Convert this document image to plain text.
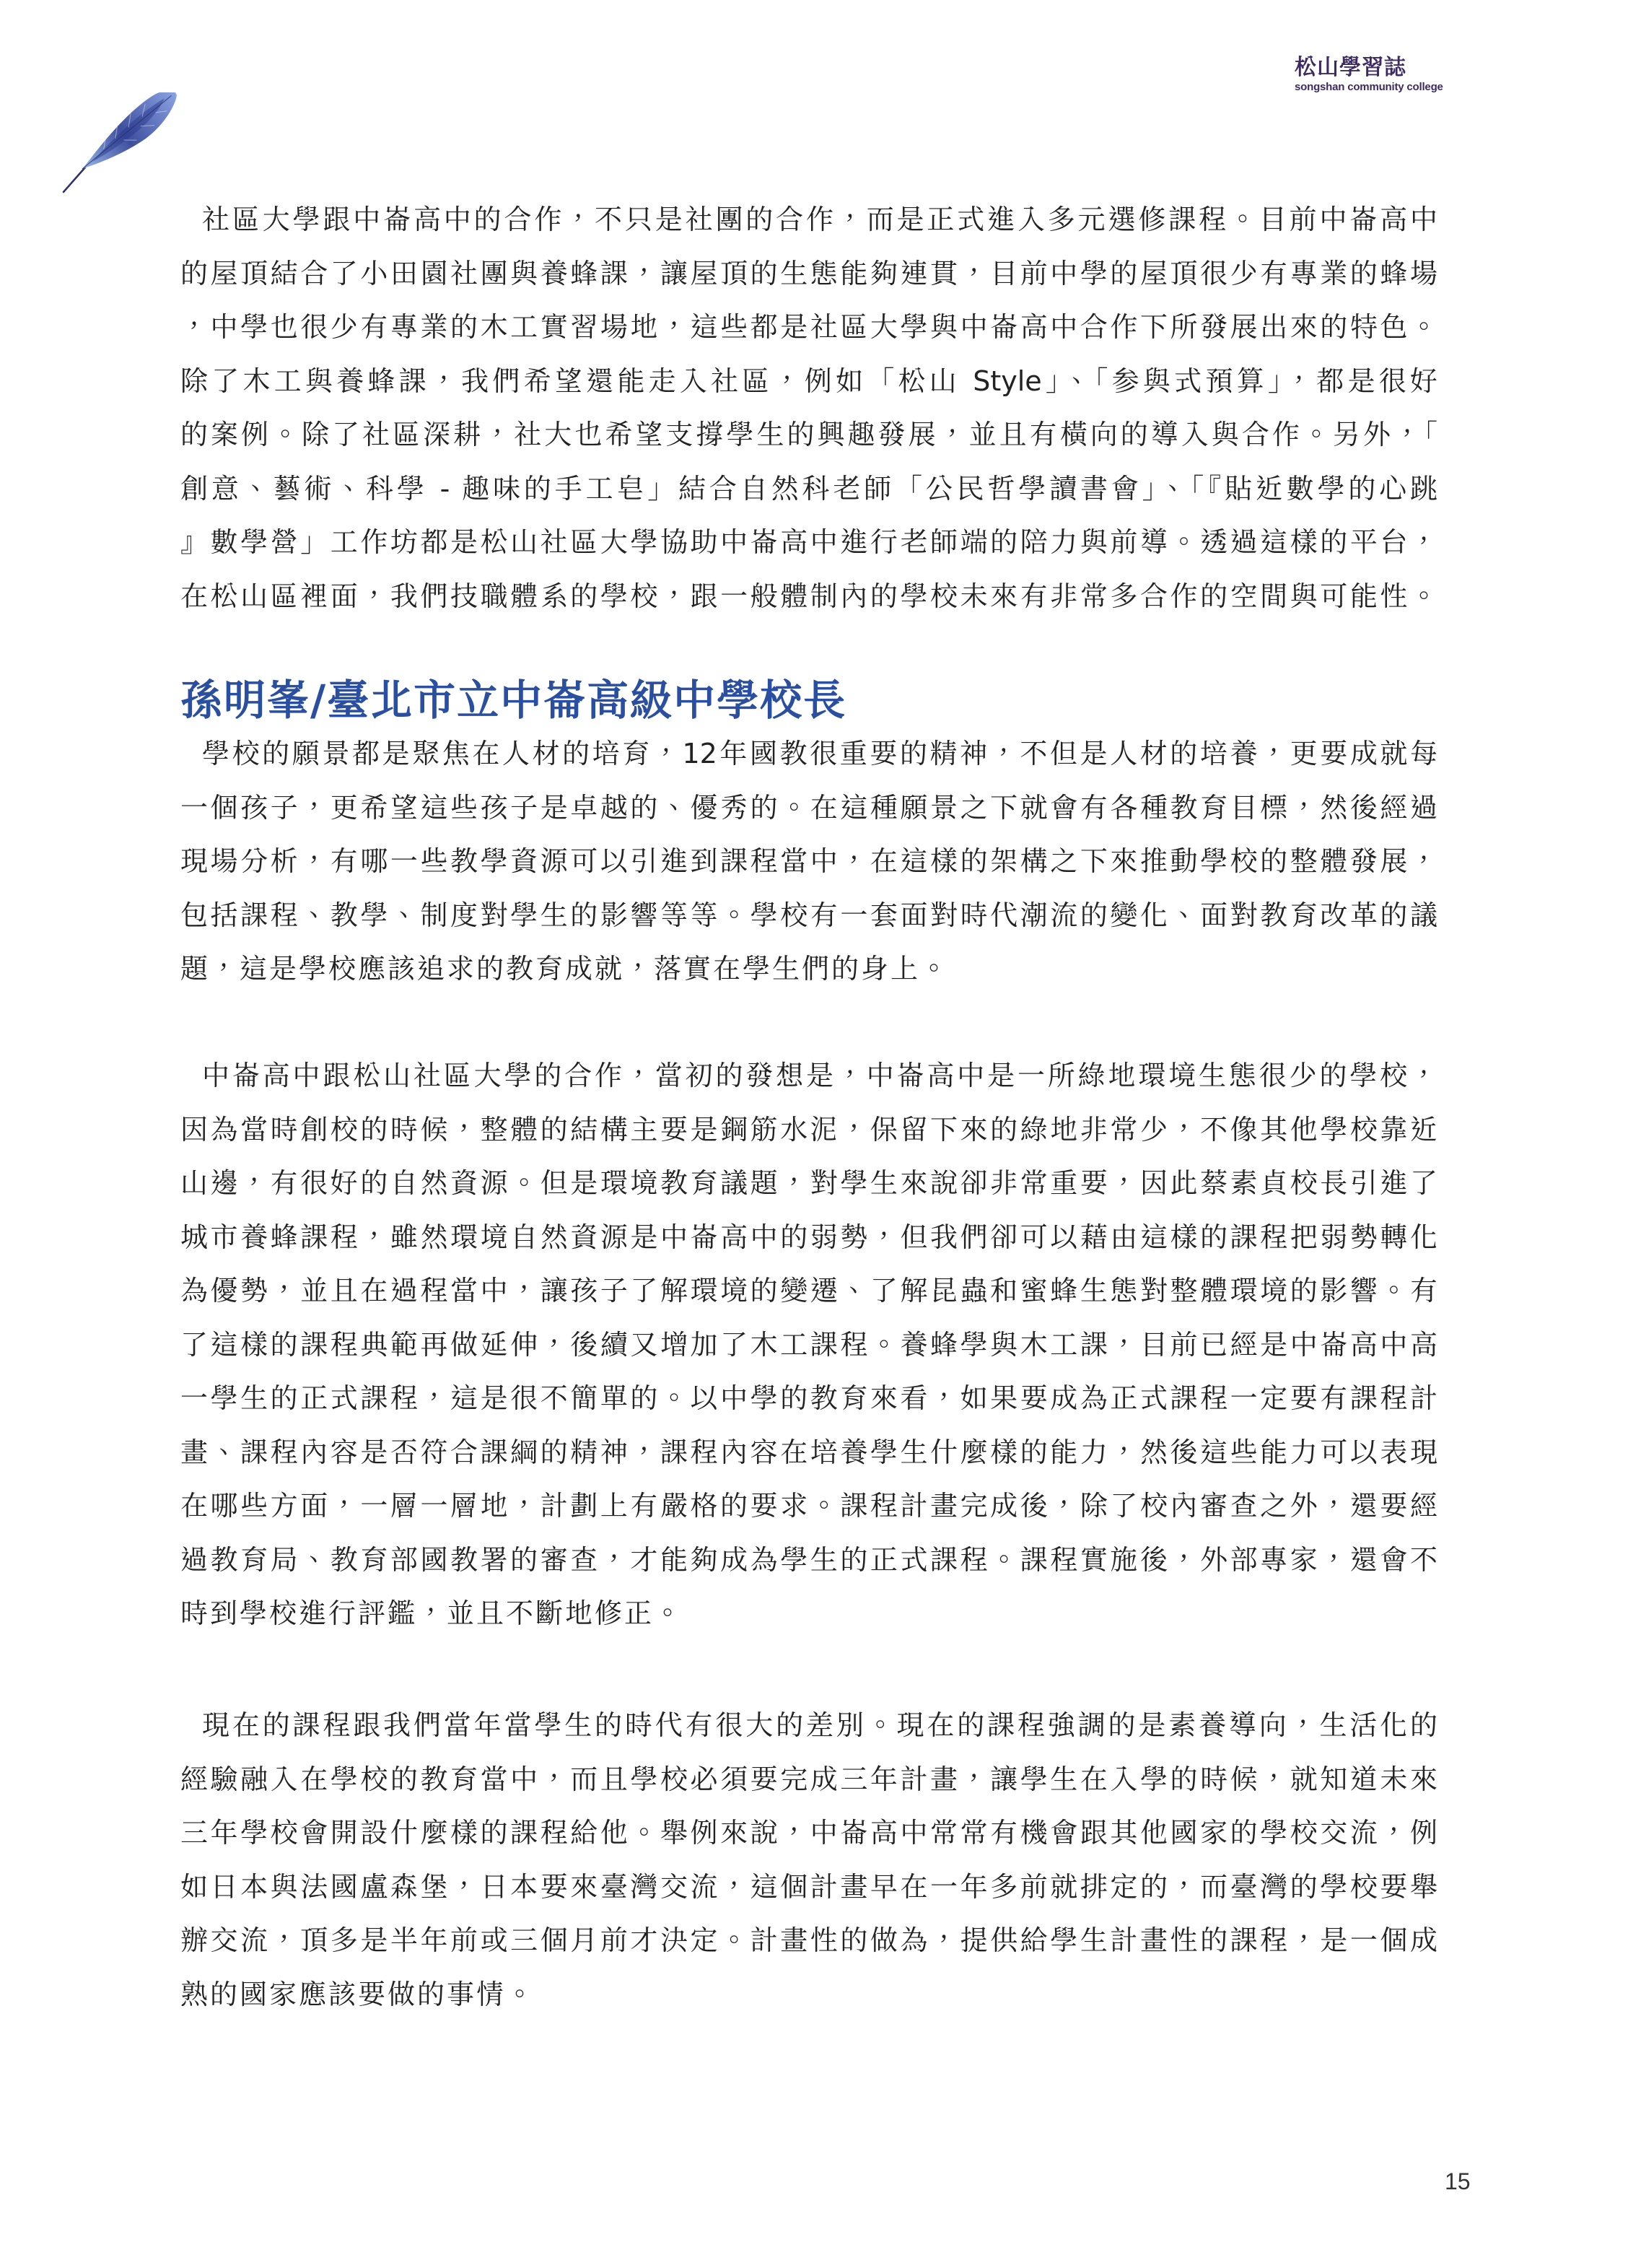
松山學習誌
songshan community college
社區大學跟中崙高中的合作，不只是社團的合作，而是正式進入多元選修課程。目前中崙高中
的屋頂結合了小田園社團與養蜂課，讓屋頂的生態能夠連貫，目前中學的屋頂很少有專業的蜂場
，中學也很少有專業的木工實習場地，這些都是社區大學與中崙高中合作下所發展出來的特色。
除了木工與養蜂課，我們希望還能走入社區，例如「松山 Style」、「参與式預算」，都是很好
的案例。除了社區深耕，社大也希望支撐學生的興趣發展，並且有橫向的導入與合作。另外，「
創意、藝術、科學 - 趣味的手工皂」結合自然科老師「公民哲學讀書會」、「『貼近數學的心跳
』數學營」工作坊都是松山社區大學協助中崙高中進行老師端的陪力與前導。透過這樣的平台，
在松山區裡面，我們技職體系的學校，跟一般體制內的學校未來有非常多合作的空間與可能性。
孫明峯/臺北市立中崙高級中學校長
學校的願景都是聚焦在人材的培育，12年國教很重要的精神，不但是人材的培養，更要成就每
一個孩子，更希望這些孩子是卓越的、優秀的。在這種願景之下就會有各種教育目標，然後經過
現場分析，有哪一些教學資源可以引進到課程當中，在這樣的架構之下來推動學校的整體發展，
包括課程、教學、制度對學生的影響等等。學校有一套面對時代潮流的變化、面對教育改革的議
題，這是學校應該追求的教育成就，落實在學生們的身上。
中崙高中跟松山社區大學的合作，當初的發想是，中崙高中是一所綠地環境生態很少的學校，
因為當時創校的時候，整體的結構主要是鋼筋水泥，保留下來的綠地非常少，不像其他學校靠近
山邊，有很好的自然資源。但是環境教育議題，對學生來說卻非常重要，因此蔡素貞校長引進了
城市養蜂課程，雖然環境自然資源是中崙高中的弱勢，但我們卻可以藉由這樣的課程把弱勢轉化
為優勢，並且在過程當中，讓孩子了解環境的變遷、了解昆蟲和蜜蜂生態對整體環境的影響。有
了這樣的課程典範再做延伸，後續又增加了木工課程。養蜂學與木工課，目前已經是中崙高中高
一學生的正式課程，這是很不簡單的。以中學的教育來看，如果要成為正式課程一定要有課程計
畫、課程內容是否符合課綱的精神，課程內容在培養學生什麼樣的能力，然後這些能力可以表現
在哪些方面，一層一層地，計劃上有嚴格的要求。課程計畫完成後，除了校內審查之外，還要經
過教育局、教育部國教署的審查，才能夠成為學生的正式課程。課程實施後，外部專家，還會不
時到學校進行評鑑，並且不斷地修正。
現在的課程跟我們當年當學生的時代有很大的差別。現在的課程強調的是素養導向，生活化的
經驗融入在學校的教育當中，而且學校必須要完成三年計畫，讓學生在入學的時候，就知道未來
三年學校會開設什麼樣的課程給他。舉例來說，中崙高中常常有機會跟其他國家的學校交流，例
如日本與法國盧森堡，日本要來臺灣交流，這個計畫早在一年多前就排定的，而臺灣的學校要舉
辦交流，頂多是半年前或三個月前才決定。計畫性的做為，提供給學生計畫性的課程，是一個成
熟的國家應該要做的事情。
15
